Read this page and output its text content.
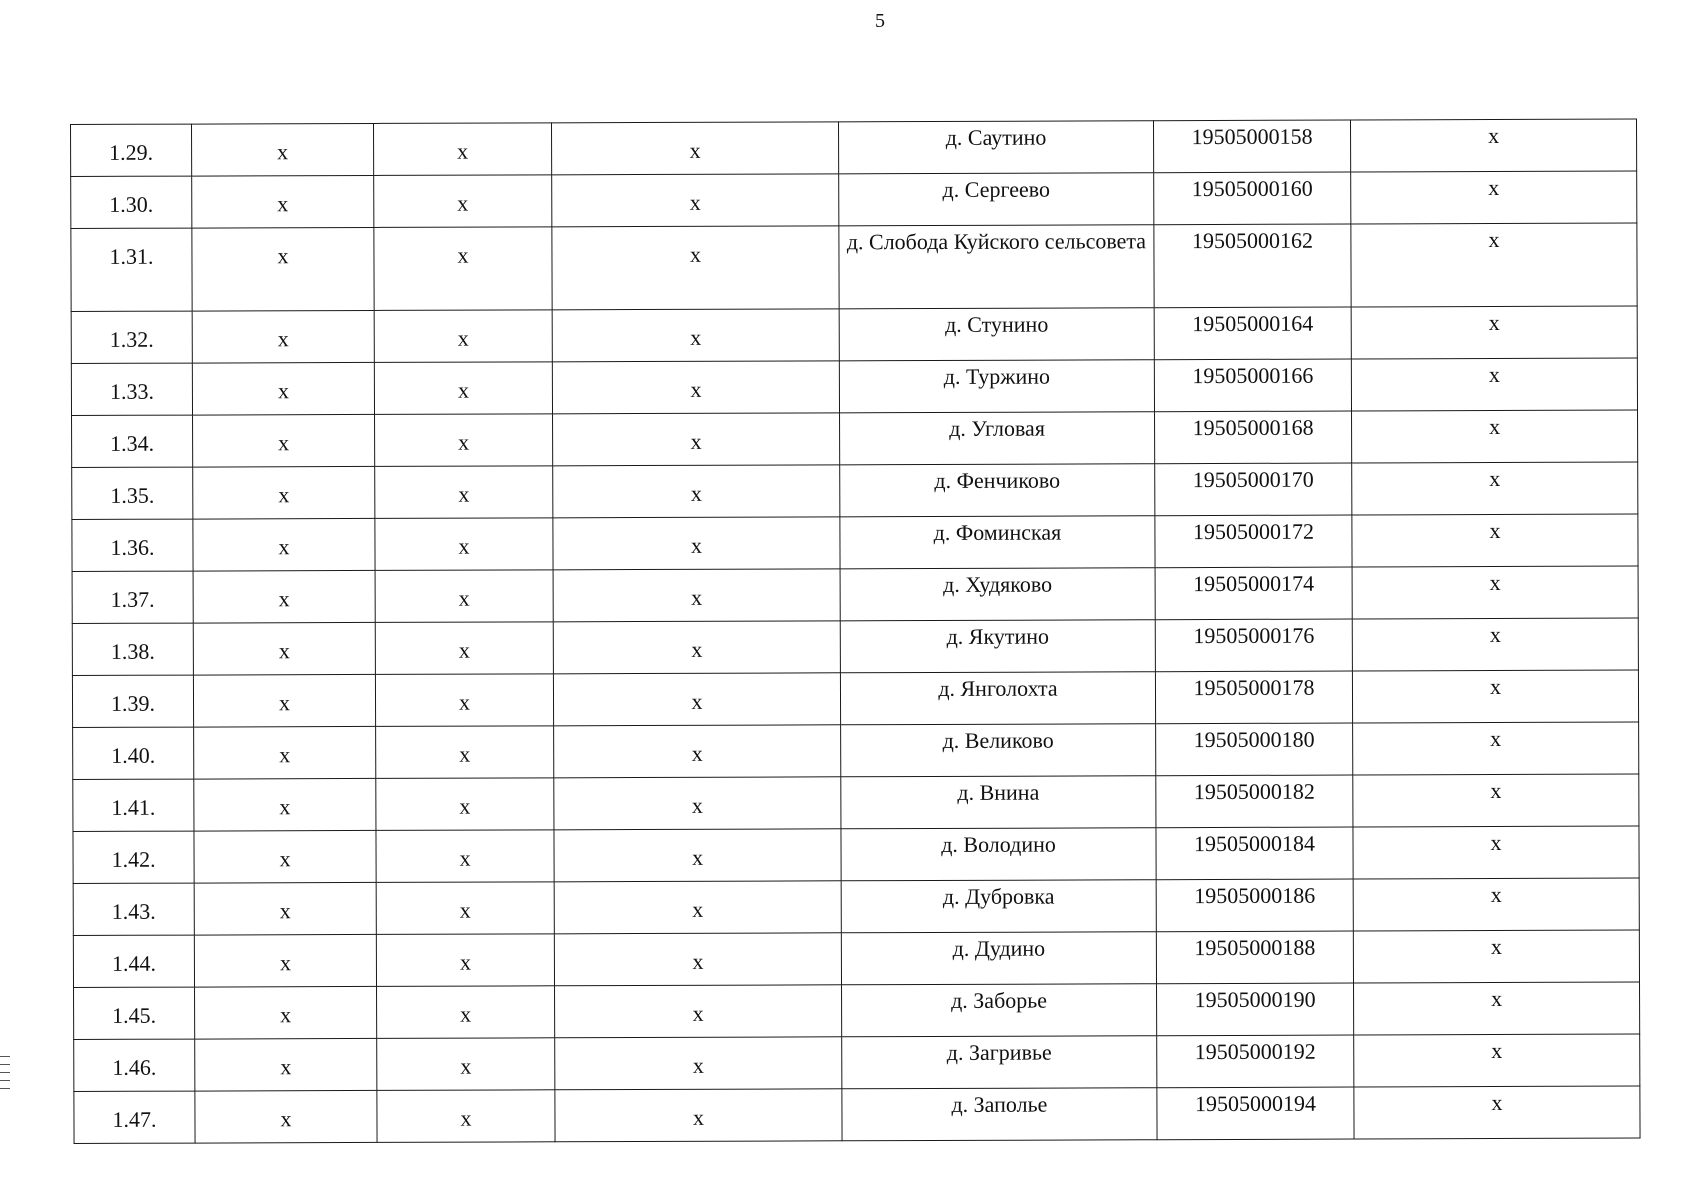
5
1.29.	х	х	х	д. Саутино	19505000158	х
1.30.	х	х	х	д. Сергеево	19505000160	х
1.31.	х	х	х	д. Слобода Куйского сельсовета	19505000162	х
1.32.	х	х	х	д. Стунино	19505000164	х
1.33.	х	х	х	д. Туржино	19505000166	х
1.34.	х	х	х	д. Угловая	19505000168	х
1.35.	х	х	х	д. Фенчиково	19505000170	х
1.36.	х	х	х	д. Фоминская	19505000172	х
1.37.	х	х	х	д. Худяково	19505000174	х
1.38.	х	х	х	д. Якутино	19505000176	х
1.39.	х	х	х	д. Янголохта	19505000178	х
1.40.	х	х	х	д. Великово	19505000180	х
1.41.	х	х	х	д. Внина	19505000182	х
1.42.	х	х	х	д. Володино	19505000184	х
1.43.	х	х	х	д. Дубровка	19505000186	х
1.44.	х	х	х	д. Дудино	19505000188	х
1.45.	х	х	х	д. Заборье	19505000190	х
1.46.	х	х	х	д. Загривье	19505000192	х
1.47.	х	х	х	д. Заполье	19505000194	х
